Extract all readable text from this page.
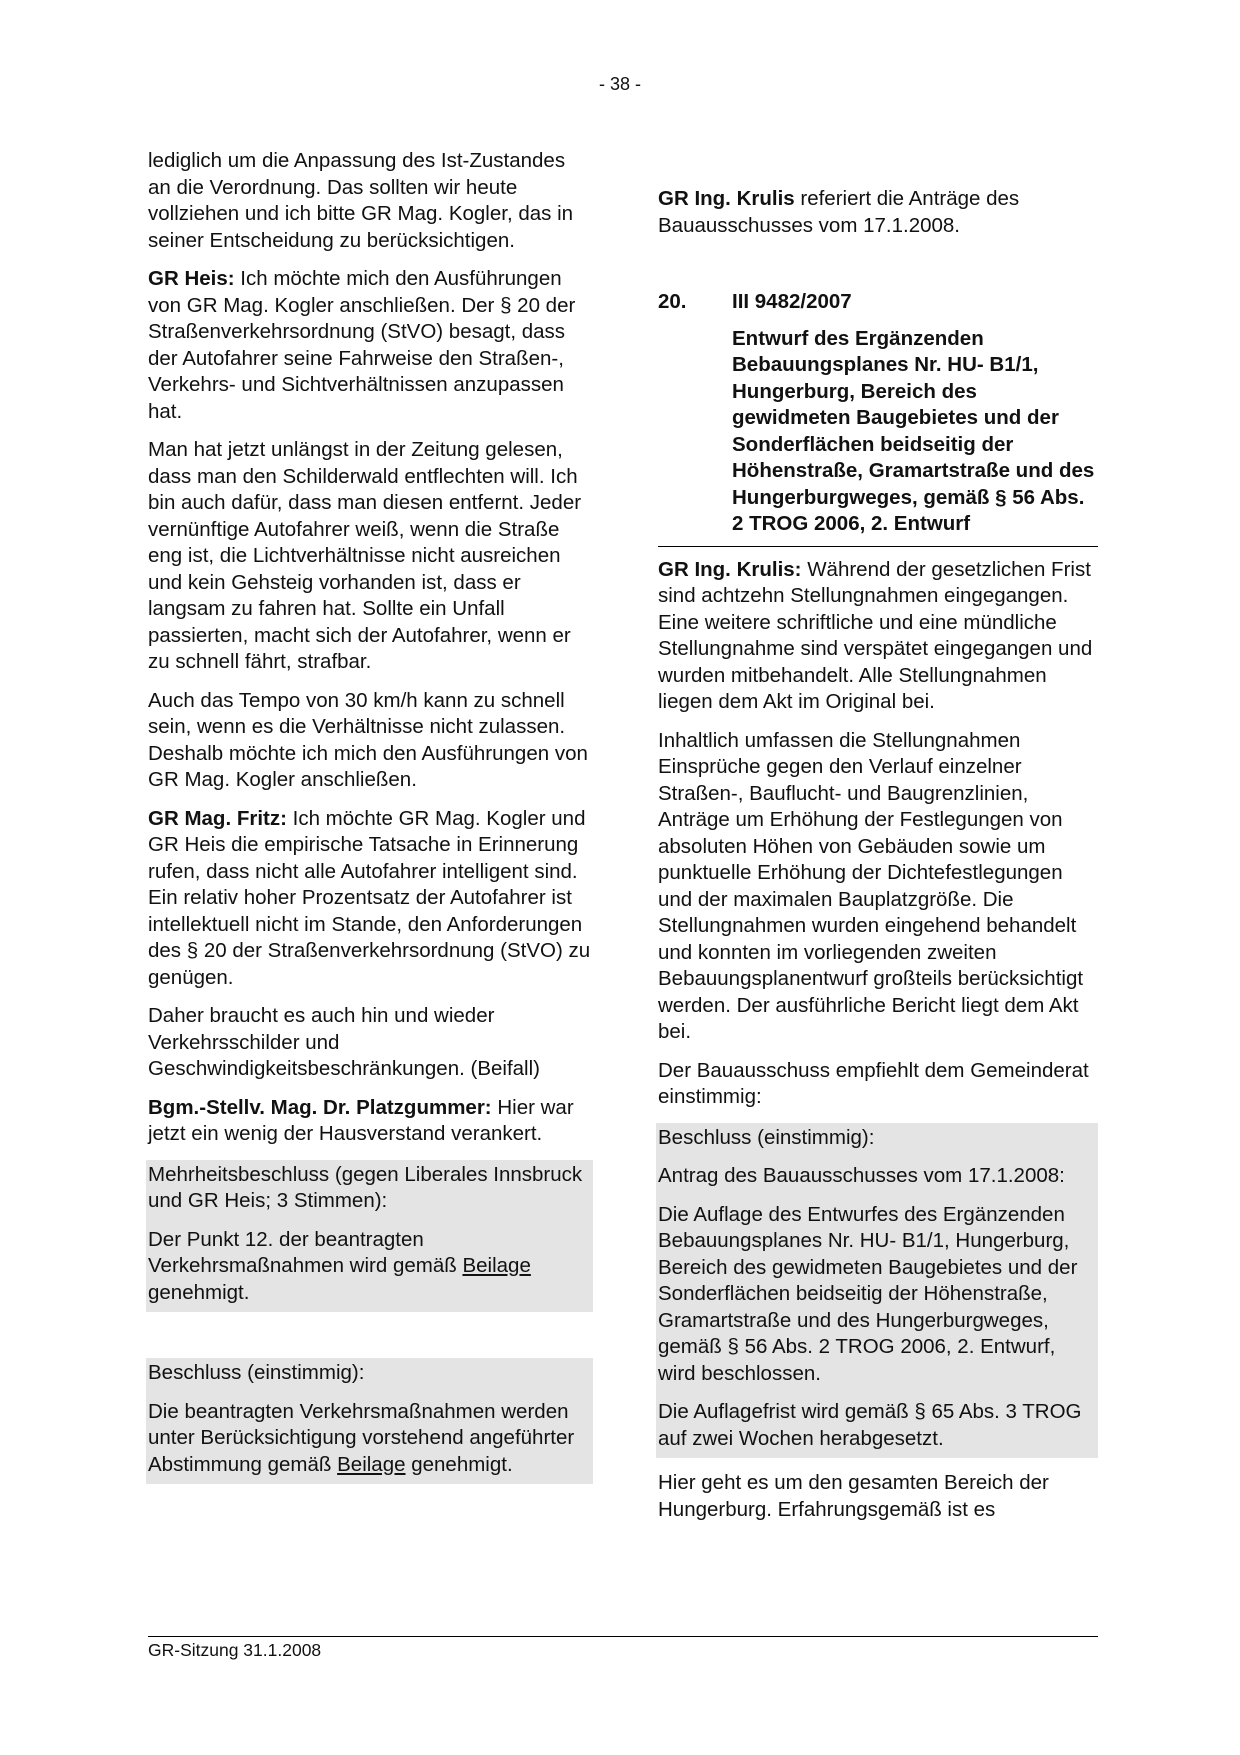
- 38 -

lediglich um die Anpassung des Ist-Zustandes an die Verordnung. Das sollten wir heute vollziehen und ich bitte GR Mag. Kogler, das in seiner Entscheidung zu berücksichtigen.

GR Heis: Ich möchte mich den Ausführungen von GR Mag. Kogler anschließen. Der § 20 der Straßenverkehrsordnung (StVO) besagt, dass der Autofahrer seine Fahrweise den Straßen-, Verkehrs- und Sichtverhältnissen anzupassen hat.

Man hat jetzt unlängst in der Zeitung gelesen, dass man den Schilderwald entflechten will. Ich bin auch dafür, dass man diesen entfernt. Jeder vernünftige Autofahrer weiß, wenn die Straße eng ist, die Lichtverhältnisse nicht ausreichen und kein Gehsteig vorhanden ist, dass er langsam zu fahren hat. Sollte ein Unfall passierten, macht sich der Autofahrer, wenn er zu schnell fährt, strafbar.

Auch das Tempo von 30 km/h kann zu schnell sein, wenn es die Verhältnisse nicht zulassen. Deshalb möchte ich mich den Ausführungen von GR Mag. Kogler anschließen.

GR Mag. Fritz: Ich möchte GR Mag. Kogler und GR Heis die empirische Tatsache in Erinnerung rufen, dass nicht alle Autofahrer intelligent sind. Ein relativ hoher Prozentsatz der Autofahrer ist intellektuell nicht im Stande, den Anforderungen des § 20 der Straßenverkehrsordnung (StVO) zu genügen.

Daher braucht es auch hin und wieder Verkehrsschilder und Geschwindigkeitsbeschränkungen. (Beifall)

Bgm.-Stellv. Mag. Dr. Platzgummer: Hier war jetzt ein wenig der Hausverstand verankert.

Mehrheitsbeschluss (gegen Liberales Innsbruck und GR Heis; 3 Stimmen):

Der Punkt 12. der beantragten Verkehrsmaßnahmen wird gemäß Beilage genehmigt.

Beschluss (einstimmig):

Die beantragten Verkehrsmaßnahmen werden unter Berücksichtigung vorstehend angeführter Abstimmung gemäß Beilage genehmigt.

GR Ing. Krulis referiert die Anträge des Bauausschusses vom 17.1.2008.

20.	III 9482/2007
Entwurf des Ergänzenden Bebauungsplanes Nr. HU- B1/1, Hungerburg, Bereich des gewidmeten Baugebietes und der Sonderflächen beidseitig der Höhenstraße, Gramartstraße und des Hungerburgweges, gemäß § 56 Abs. 2 TROG 2006, 2. Entwurf

GR Ing. Krulis: Während der gesetzlichen Frist sind achtzehn Stellungnahmen eingegangen. Eine weitere schriftliche und eine mündliche Stellungnahme sind verspätet eingegangen und wurden mitbehandelt. Alle Stellungnahmen liegen dem Akt im Original bei.

Inhaltlich umfassen die Stellungnahmen Einsprüche gegen den Verlauf einzelner Straßen-, Bauflucht- und Baugrenzlinien, Anträge um Erhöhung der Festlegungen von absoluten Höhen von Gebäuden sowie um punktuelle Erhöhung der Dichtefestlegungen und der maximalen Bauplatzgröße. Die Stellungnahmen wurden eingehend behandelt und konnten im vorliegenden zweiten Bebauungsplanentwurf großteils berücksichtigt werden. Der ausführliche Bericht liegt dem Akt bei.

Der Bauausschuss empfiehlt dem Gemeinderat einstimmig:

Beschluss (einstimmig):

Antrag des Bauausschusses vom 17.1.2008:

Die Auflage des Entwurfes des Ergänzenden Bebauungsplanes Nr. HU- B1/1, Hungerburg, Bereich des gewidmeten Baugebietes und der Sonderflächen beidseitig der Höhenstraße, Gramartstraße und des Hungerburgweges, gemäß § 56 Abs. 2 TROG 2006, 2. Entwurf, wird beschlossen.

Die Auflagefrist wird gemäß § 65 Abs. 3 TROG auf zwei Wochen herabgesetzt.

Hier geht es um den gesamten Bereich der Hungerburg. Erfahrungsgemäß ist es

GR-Sitzung 31.1.2008
